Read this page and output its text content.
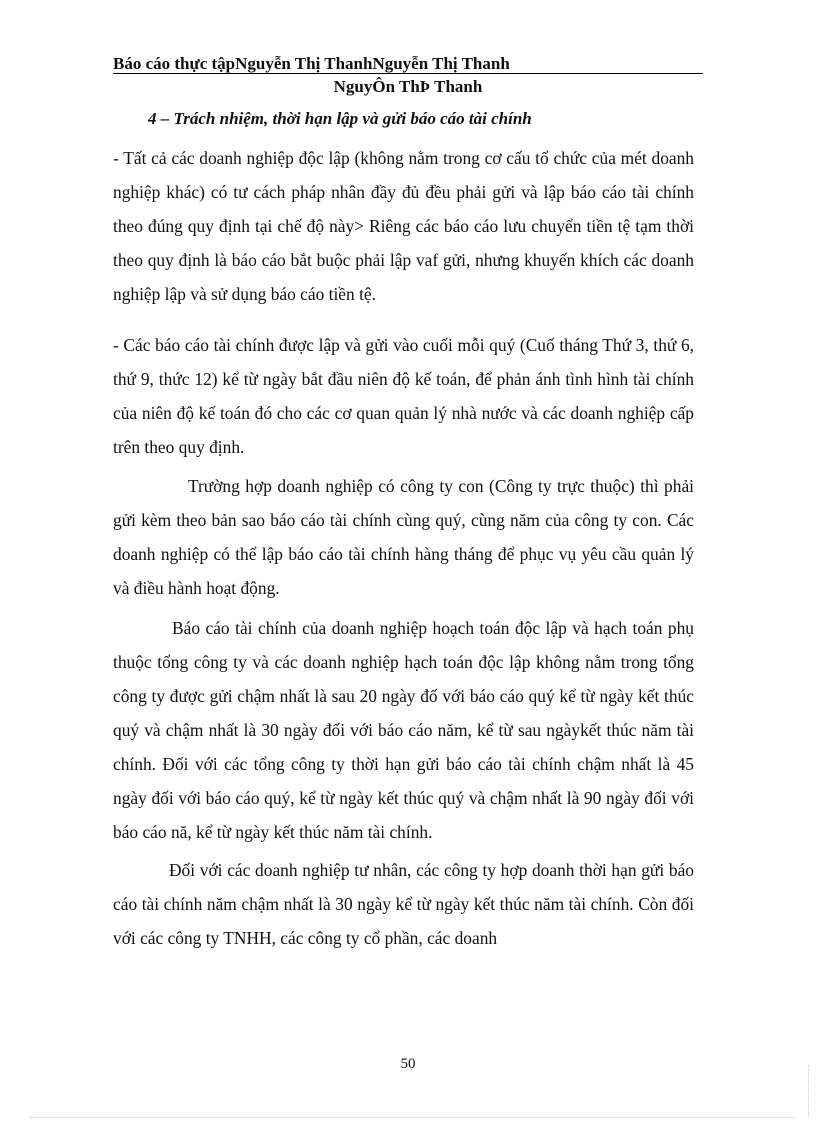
Báo cáo thực tậpNguyễn Thị ThanhNguyễn Thị Thanh
NguyÔn ThÞ Thanh
4 – Trách nhiệm, thời hạn lập và gửi báo cáo tài chính

- Tất cả các doanh nghiệp độc lập (không nằm trong cơ cấu tổ chức của mét doanh nghiệp khác) có tư cách pháp nhân đầy đủ đều phải gửi và lập báo cáo tài chính theo đúng quy định tại chế độ này> Riêng các báo cáo lưu chuyển tiền tệ tạm thời theo quy định là báo cáo bắt buộc phải lập vaf gửi, nhưng khuyến khích các doanh nghiệp lập và sử dụng báo cáo tiền tệ.

- Các báo cáo tài chính được lập và gửi vào cuối mỗi quý (Cuố tháng Thứ 3, thứ 6, thứ 9, thức 12) kể từ ngày bắt đầu niên độ kế toán, để phản ánh tình hình tài chính của niên độ kế toán đó cho các cơ quan quản lý nhà nước và các doanh nghiệp cấp trên theo quy định.

Trường hợp doanh nghiệp có công ty con (Công ty trực thuộc) thì phải gửi kèm theo bản sao báo cáo tài chính cùng quý, cùng năm của công ty con. Các doanh nghiệp có thể lập báo cáo tài chính hàng tháng để phục vụ yêu cầu quản lý và điều hành hoạt động.

Báo cáo tài chính của doanh nghiệp hoạch toán độc lập và hạch toán phụ thuộc tổng công ty và các doanh nghiệp hạch toán độc lập không nằm trong tổng công ty được gửi chậm nhất là sau 20 ngày đố với báo cáo quý kể từ ngày kết thúc quý và chậm nhất là 30 ngày đối với báo cáo năm, kể từ sau ngàykết thúc năm tài chính. Đối với các tổng công ty thời hạn gửi báo cáo tài chính chậm nhất là 45 ngày đối với báo cáo quý, kể từ ngày kết thúc quý và chậm nhất là 90 ngày đối với báo cáo nă, kể từ ngày kết thúc năm tài chính.

Đối với các doanh nghiệp tư nhân, các công ty hợp doanh thời hạn gửi báo cáo tài chính năm chậm nhất là 30 ngày kể từ ngày kết thúc năm tài chính. Còn đối với các công ty TNHH, các công ty cổ phần, các doanh

50
